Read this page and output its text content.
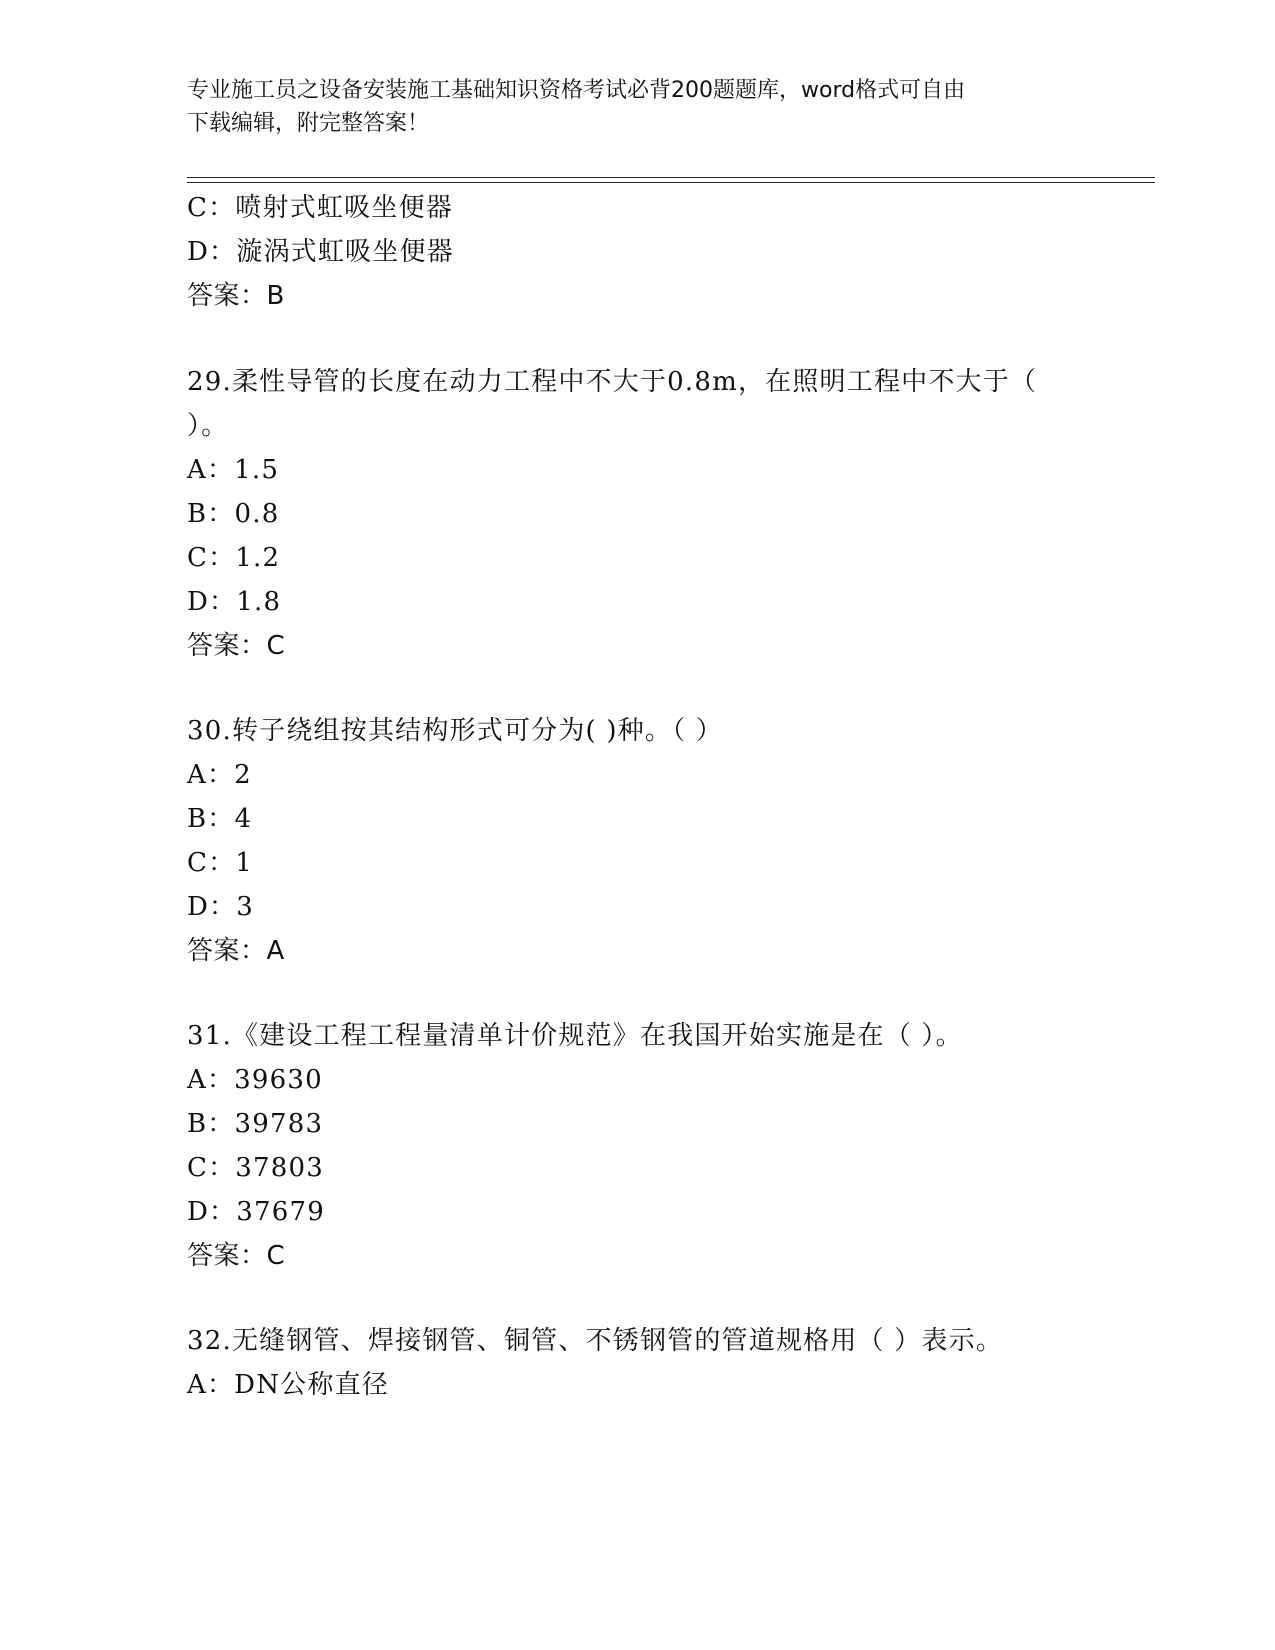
专业施工员之设备安装施工基础知识资格考试必背200题题库，word格式可自由
下载编辑，附完整答案！
C：喷射式虹吸坐便器
D：漩涡式虹吸坐便器
答案：B
29.柔性导管的长度在动力工程中不大于0.8m，在照明工程中不大于（
）。
A：1.5
B：0.8
C：1.2
D：1.8
答案：C
30.转子绕组按其结构形式可分为( )种。（ ）
A：2
B：4
C：1
D：3
答案：A
31.《建设工程工程量清单计价规范》在我国开始实施是在（ ）。
A：39630
B：39783
C：37803
D：37679
答案：C
32.无缝钢管、焊接钢管、铜管、不锈钢管的管道规格用（ ）表示。
A：DN公称直径
